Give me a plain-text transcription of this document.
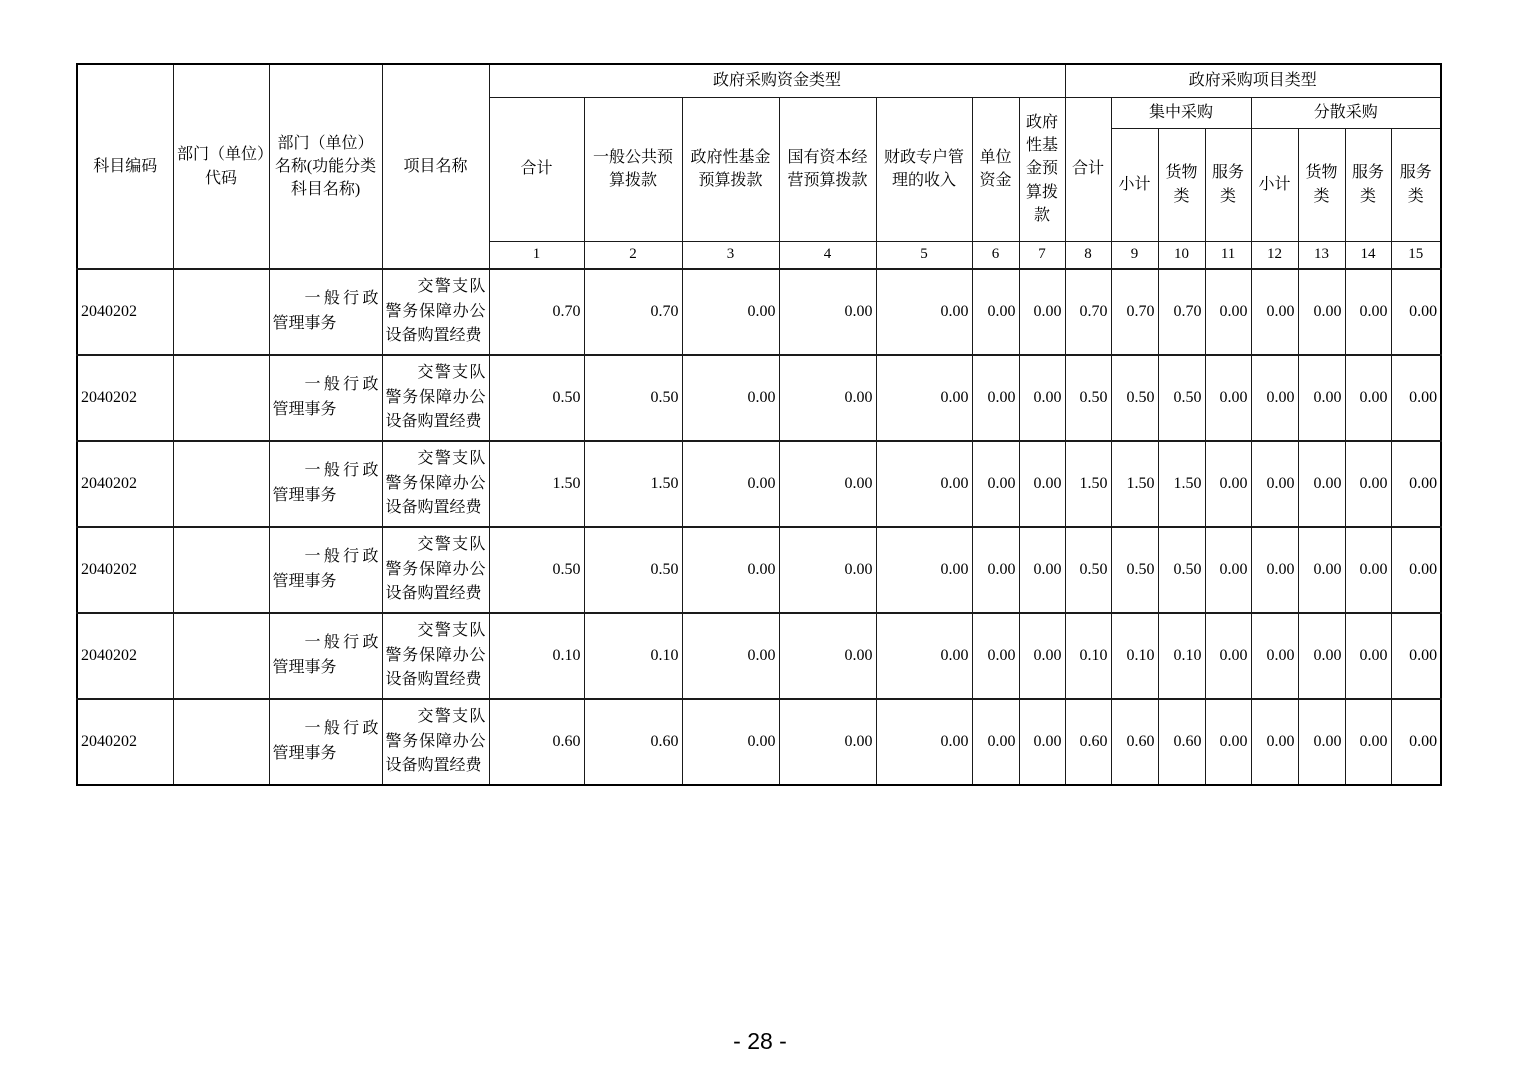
科目编码	部门（单位）代码	部门（单位）名称(功能分类科目名称)	项目名称	政府采购资金类型							政府采购项目类型							
				合计	一般公共预算拨款	政府性基金预算拨款	国有资本经营预算拨款	财政专户管理的收入	单位资金	政府性基金预算拨款	合计	集中采购			分散采购			
												小计	货物类	服务类	小计	货物类	服务类	服务类
				1	2	3	4	5	6	7	8	9	10	11	12	13	14	15
2040202		一般行政管理事务	交警支队警务保障办公设备购置经费	0.70	0.70	0.00	0.00	0.00	0.00	0.00	0.70	0.70	0.70	0.00	0.00	0.00	0.00	0.00
2040202		一般行政管理事务	交警支队警务保障办公设备购置经费	0.50	0.50	0.00	0.00	0.00	0.00	0.00	0.50	0.50	0.50	0.00	0.00	0.00	0.00	0.00
2040202		一般行政管理事务	交警支队警务保障办公设备购置经费	1.50	1.50	0.00	0.00	0.00	0.00	0.00	1.50	1.50	1.50	0.00	0.00	0.00	0.00	0.00
2040202		一般行政管理事务	交警支队警务保障办公设备购置经费	0.50	0.50	0.00	0.00	0.00	0.00	0.00	0.50	0.50	0.50	0.00	0.00	0.00	0.00	0.00
2040202		一般行政管理事务	交警支队警务保障办公设备购置经费	0.10	0.10	0.00	0.00	0.00	0.00	0.00	0.10	0.10	0.10	0.00	0.00	0.00	0.00	0.00
2040202		一般行政管理事务	交警支队警务保障办公设备购置经费	0.60	0.60	0.00	0.00	0.00	0.00	0.00	0.60	0.60	0.60	0.00	0.00	0.00	0.00	0.00
- 28 -
